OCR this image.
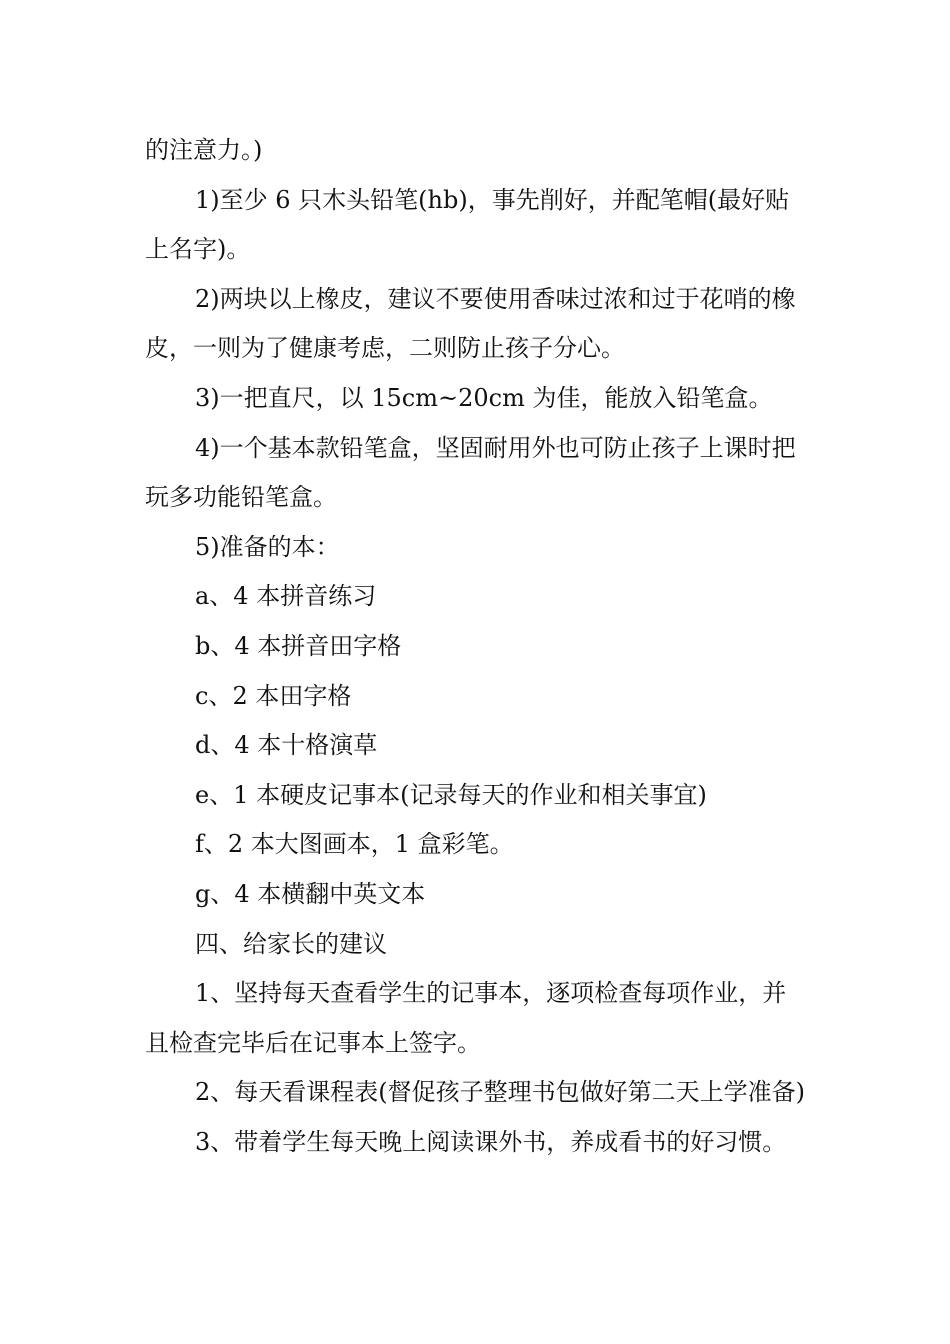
的注意力。)

1)至少 6 只木头铅笔(hb)，事先削好，并配笔帽(最好贴上名字)。

2)两块以上橡皮，建议不要使用香味过浓和过于花哨的橡皮，一则为了健康考虑，二则防止孩子分心。

3)一把直尺，以 15cm~20cm 为佳，能放入铅笔盒。

4)一个基本款铅笔盒，坚固耐用外也可防止孩子上课时把玩多功能铅笔盒。

5)准备的本：

a、4 本拼音练习

b、4 本拼音田字格

c、2 本田字格

d、4 本十格演草

e、1 本硬皮记事本(记录每天的作业和相关事宜)

f、2 本大图画本，1 盒彩笔。

g、4 本横翻中英文本

四、给家长的建议

1、坚持每天查看学生的记事本，逐项检查每项作业，并且检查完毕后在记事本上签字。

2、每天看课程表(督促孩子整理书包做好第二天上学准备)

3、带着学生每天晚上阅读课外书，养成看书的好习惯。
